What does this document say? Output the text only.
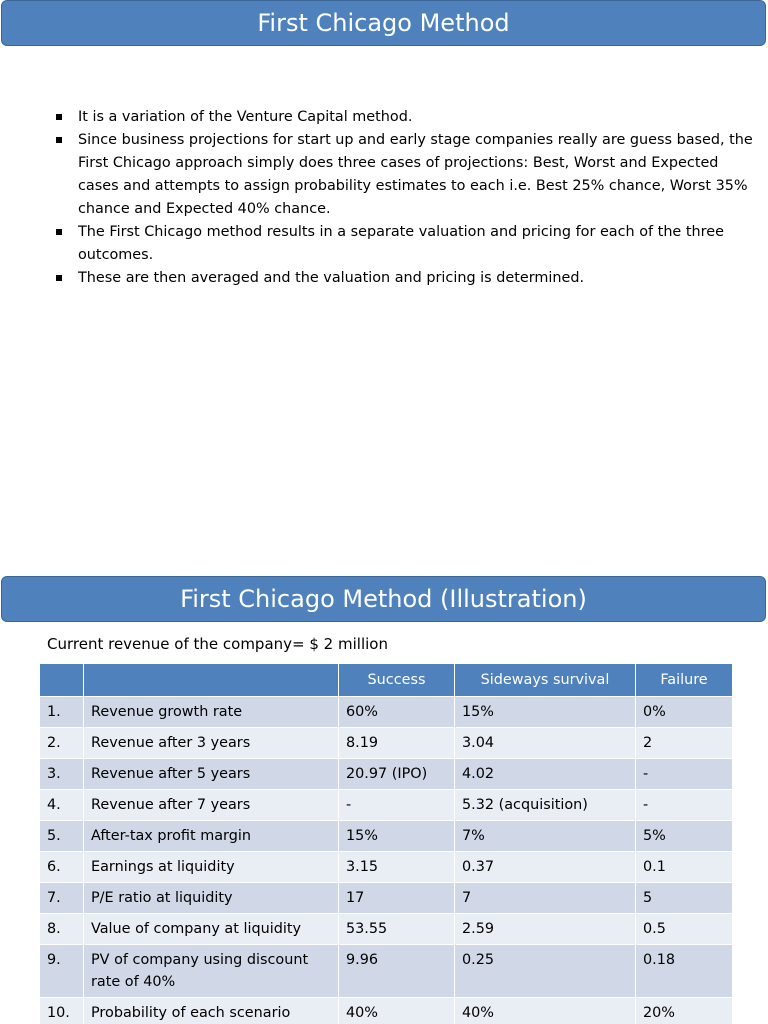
First Chicago Method
It is a variation of the Venture Capital method.
Since business projections for start up and early stage companies really are guess based, the First Chicago approach simply does three cases of projections: Best, Worst and Expected cases and attempts to assign probability estimates to each i.e. Best 25% chance, Worst 35% chance and Expected 40% chance.
The First Chicago method results in a separate valuation and pricing for each of the three outcomes.
These are then averaged and the valuation and pricing is determined.
First Chicago Method (Illustration)
Current revenue of the company= $ 2 million
		Success	Sideways survival	Failure
1.	Revenue growth rate	60%	15%	0%
2.	Revenue after 3 years	8.19	3.04	2
3.	Revenue after 5 years	20.97 (IPO)	4.02	-
4.	Revenue after 7 years	-	5.32 (acquisition)	-
5.	After-tax profit margin	15%	7%	5%
6.	Earnings at liquidity	3.15	0.37	0.1
7.	P/E ratio at liquidity	17	7	5
8.	Value of company at liquidity	53.55	2.59	0.5
9.	PV of company using discount rate of 40%	9.96	0.25	0.18
10.	Probability of each scenario	40%	40%	20%
